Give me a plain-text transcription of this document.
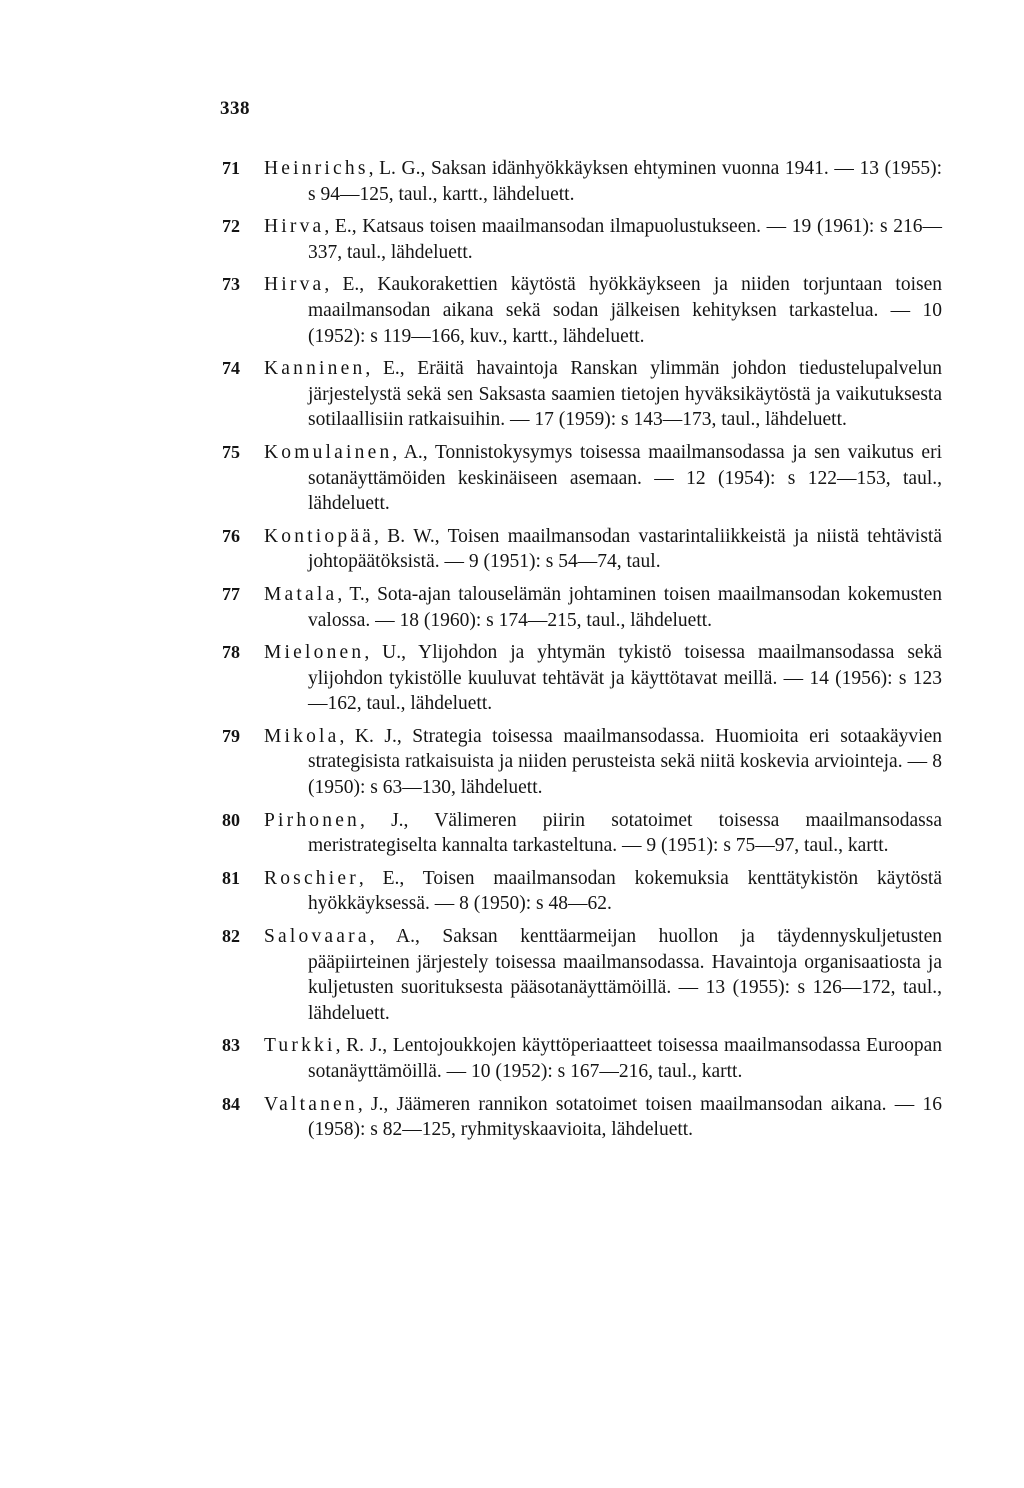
338
71 Heinrichs, L. G., Saksan idänhyökkäyksen ehtyminen vuonna 1941. — 13 (1955): s 94—125, taul., kartt., lähdeluett.
72 Hirva, E., Katsaus toisen maailmansodan ilmapuolustukseen. — 19 (1961): s 216—337, taul., lähdeluett.
73 Hirva, E., Kaukorakettien käytöstä hyökkäykseen ja niiden torjuntaan toisen maailmansodan aikana sekä sodan jälkeisen kehityksen tarkastelua. — 10 (1952): s 119—166, kuv., kartt., lähdeluett.
74 Kanninen, E., Eräitä havaintoja Ranskan ylimmän johdon tiedustelupalvelun järjestelystä sekä sen Saksasta saamien tietojen hyväksikäytöstä ja vaikutuksesta sotilaallisiin ratkaisuihin. — 17 (1959): s 143—173, taul., lähdeluett.
75 Komulainen, A., Tonnistokysymys toisessa maailmansodassa ja sen vaikutus eri sotanäyttämöiden keskinäiseen asemaan. — 12 (1954): s 122—153, taul., lähdeluett.
76 Kontiopää, B. W., Toisen maailmansodan vastarintaliikkeistä ja niistä tehtävistä johtopäätöksistä. — 9 (1951): s 54—74, taul.
77 Matala, T., Sota-ajan talouselämän johtaminen toisen maailmansodan kokemusten valossa. — 18 (1960): s 174—215, taul., lähdeluett.
78 Mielonen, U., Ylijohdon ja yhtymän tykistö toisessa maailmansodassa sekä ylijohdon tykistölle kuuluvat tehtävät ja käyttötavat meillä. — 14 (1956): s 123—162, taul., lähdeluett.
79 Mikola, K. J., Strategia toisessa maailmansodassa. Huomioita eri sotaakäyvien strategisista ratkaisuista ja niiden perusteista sekä niitä koskevia arviointeja. — 8 (1950): s 63—130, lähdeluett.
80 Pirhonen, J., Välimeren piirin sotatoimet toisessa maailmansodassa meristrategiselta kannalta tarkasteltuna. — 9 (1951): s 75—97, taul., kartt.
81 Roschier, E., Toisen maailmansodan kokemuksia kenttätykistön käytöstä hyökkäyksessä. — 8 (1950): s 48—62.
82 Salovaara, A., Saksan kenttäarmeijan huollon ja täydennyskuljetusten pääpiirteinen järjestely toisessa maailmansodassa. Havaintoja organisaatiosta ja kuljetusten suorituksesta pääsotanäyttämöillä. — 13 (1955): s 126—172, taul., lähdeluett.
83 Turkki, R. J., Lentojoukkojen käyttöperiaatteet toisessa maailmansodassa Euroopan sotanäyttämöillä. — 10 (1952): s 167—216, taul., kartt.
84 Valtanen, J., Jäämeren rannikon sotatoimet toisen maailmansodan aikana. — 16 (1958): s 82—125, ryhmityskaavioita, lähdeluett.
